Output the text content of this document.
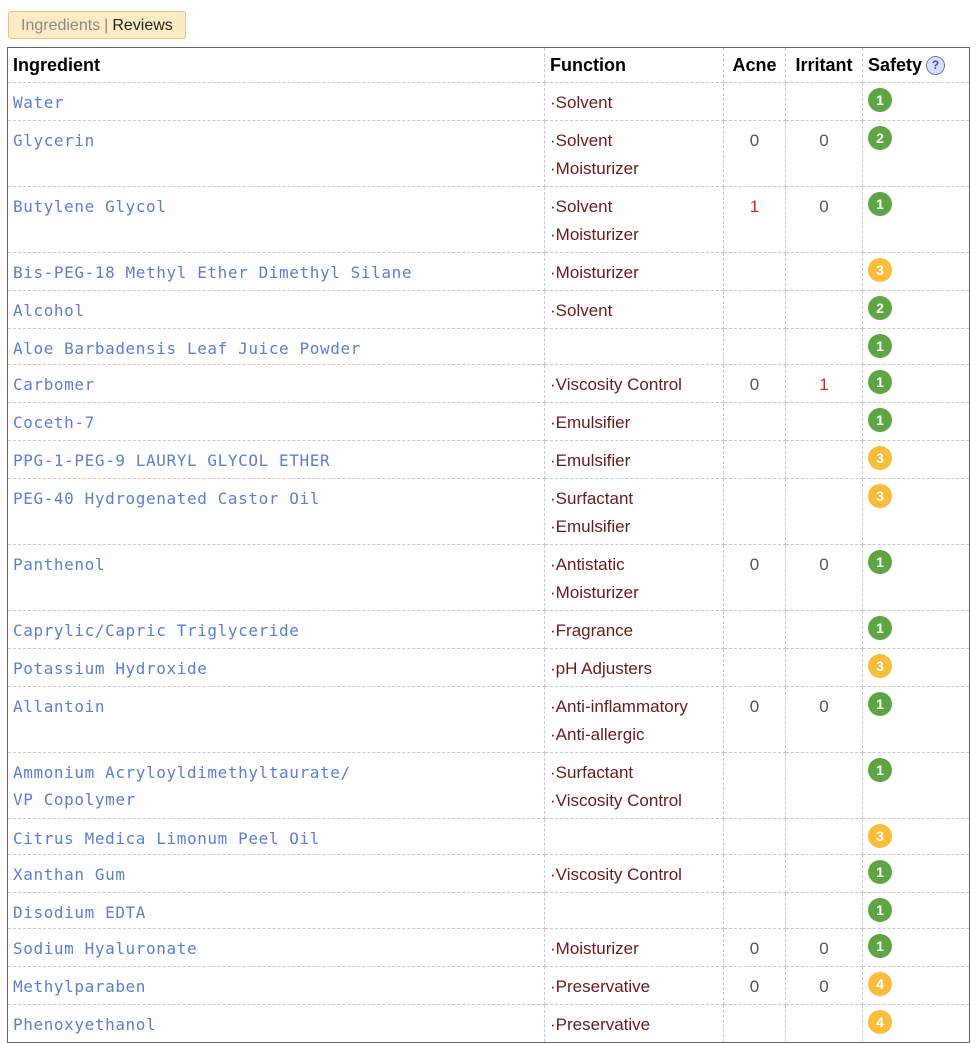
Ingredients | Reviews
Ingredient	Function	Acne	Irritant	Safety ?

Water	·Solvent			1

Glycerin	·Solvent
·Moisturizer	0	0	2

Butylene Glycol	·Solvent
·Moisturizer	1	0	1

Bis-PEG-18 Methyl Ether Dimethyl Silane	·Moisturizer			3

Alcohol	·Solvent			2

Aloe Barbadensis Leaf Juice Powder				1

Carbomer	·Viscosity Control	0	1	1

Coceth-7	·Emulsifier			1

PPG-1-PEG-9 LAURYL GLYCOL ETHER	·Emulsifier			3

PEG-40 Hydrogenated Castor Oil	·Surfactant
·Emulsifier			3

Panthenol	·Antistatic
·Moisturizer	0	0	1

Caprylic/Capric Triglyceride	·Fragrance			1

Potassium Hydroxide	·pH Adjusters			3

Allantoin	·Anti-inflammatory
·Anti-allergic	0	0	1

Ammonium Acryloyldimethyltaurate/
VP Copolymer	·Surfactant
·Viscosity Control			1

Citrus Medica Limonum Peel Oil				3

Xanthan Gum	·Viscosity Control			1

Disodium EDTA				1

Sodium Hyaluronate	·Moisturizer	0	0	1

Methylparaben	·Preservative	0	0	4

Phenoxyethanol	·Preservative			4
